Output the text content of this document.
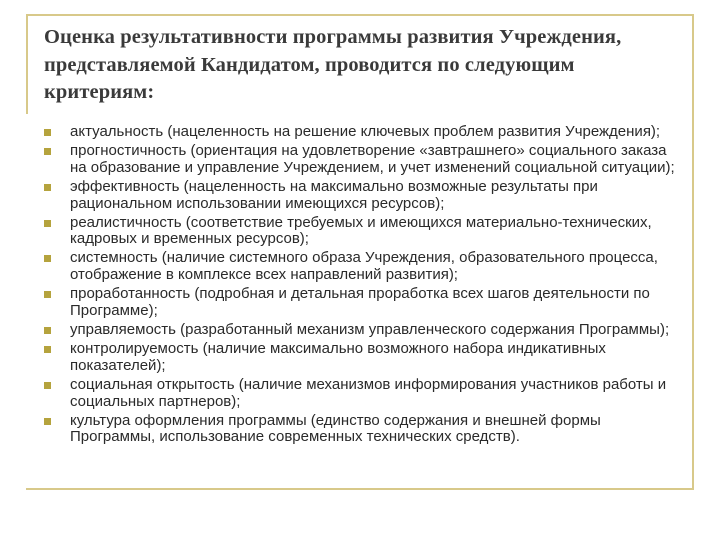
Оценка результативности программы развития Учреждения, представляемой Кандидатом, проводится по следующим критериям:
актуальность (нацеленность на решение ключевых проблем развития Учреждения);
прогностичность (ориентация на удовлетворение «завтрашнего» социального заказа на образование и управление Учреждением, и учет изменений социальной ситуации);
эффективность (нацеленность на максимально возможные результаты при рациональном использовании имеющихся ресурсов);
реалистичность (соответствие требуемых и имеющихся материально-технических, кадровых и временных ресурсов);
системность (наличие системного образа Учреждения, образовательного процесса, отображение в комплексе всех направлений развития);
проработанность (подробная и детальная проработка всех шагов деятельности по Программе);
управляемость (разработанный механизм управленческого содержания Программы);
контролируемость (наличие максимально возможного набора индикативных показателей);
социальная открытость (наличие механизмов информирования участников работы и социальных партнеров);
культура оформления программы (единство содержания и внешней формы Программы, использование современных технических средств).
